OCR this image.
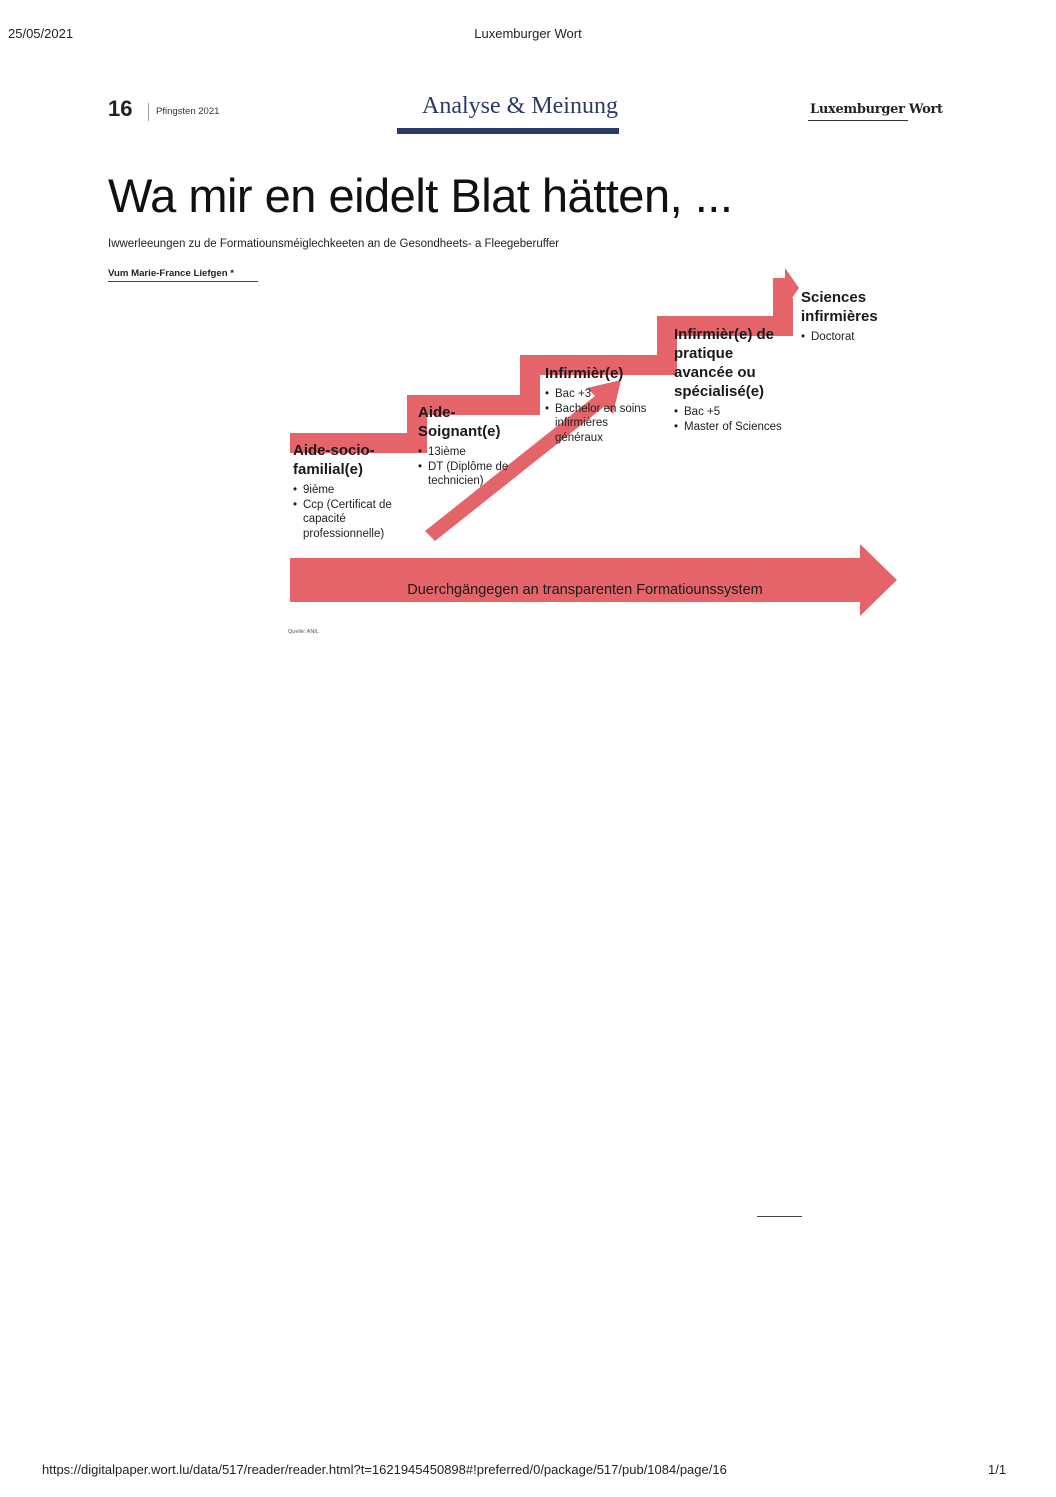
25/05/2021	Luxemburger Wort
16 Pfingsten 2021	Analyse & Meinung	Luxemburger Wort
Wa mir en eidelt Blat hätten, ...
Iwwerleeungen zu de Formatiounsméiglechkeeten an de Gesondheets- a Fleegeberuffer
Vum Marie-France Liefgen *
Aide-socio-familial(e)
• 9ième
• Ccp (Certificat de capacité professionnelle)
Aide-Soignant(e)
• 13ième
• DT (Diplôme de technicien)
Infirmièr(e)
• Bac +3
• Bachelor en soins infirmières généraux
Infirmièr(e) de pratique avancée ou spécialisé(e)
• Bac +5
• Master of Sciences
Sciences infirmières
• Doctorat
Duerchgängegen an transparenten Formatiounssystem
Quelle: ANIL

https://digitalpaper.wort.lu/data/517/reader/reader.html?t=1621945450898#!preferred/0/package/517/pub/1084/page/16	1/1
